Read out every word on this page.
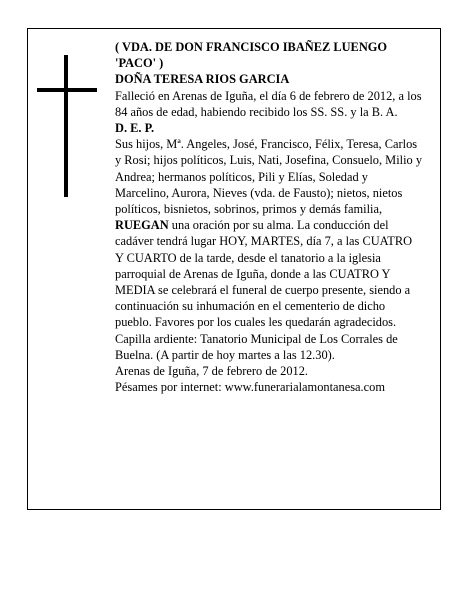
( VDA. DE DON FRANCISCO IBAÑEZ LUENGO 'PACO' )

DOÑA TERESA RIOS GARCIA

Falleció en Arenas de Iguña, el día 6 de febrero de 2012, a los 84 años de edad, habiendo recibido los SS. SS. y la B. A.

D. E. P.

Sus hijos, Mª. Angeles, José, Francisco, Félix, Teresa, Carlos y Rosi; hijos políticos, Luis, Nati, Josefina, Consuelo, Milio y Andrea; hermanos políticos, Pili y Elías, Soledad y Marcelino, Aurora, Nieves (vda. de Fausto); nietos, nietos políticos, bisnietos, sobrinos, primos y demás familia,

RUEGAN una oración por su alma. La conducción del cadáver tendrá lugar HOY, MARTES, día 7, a las CUATRO Y CUARTO de la tarde, desde el tanatorio a la iglesia parroquial de Arenas de Iguña, donde a las CUATRO Y MEDIA se celebrará el funeral de cuerpo presente, siendo a continuación su inhumación en el cementerio de dicho pueblo. Favores por los cuales les quedarán agradecidos. Capilla ardiente: Tanatorio Municipal de Los Corrales de Buelna. (A partir de hoy martes a las 12.30).

Arenas de Iguña, 7 de febrero de 2012.

Pésames por internet: www.funerarialamontanesa.com
